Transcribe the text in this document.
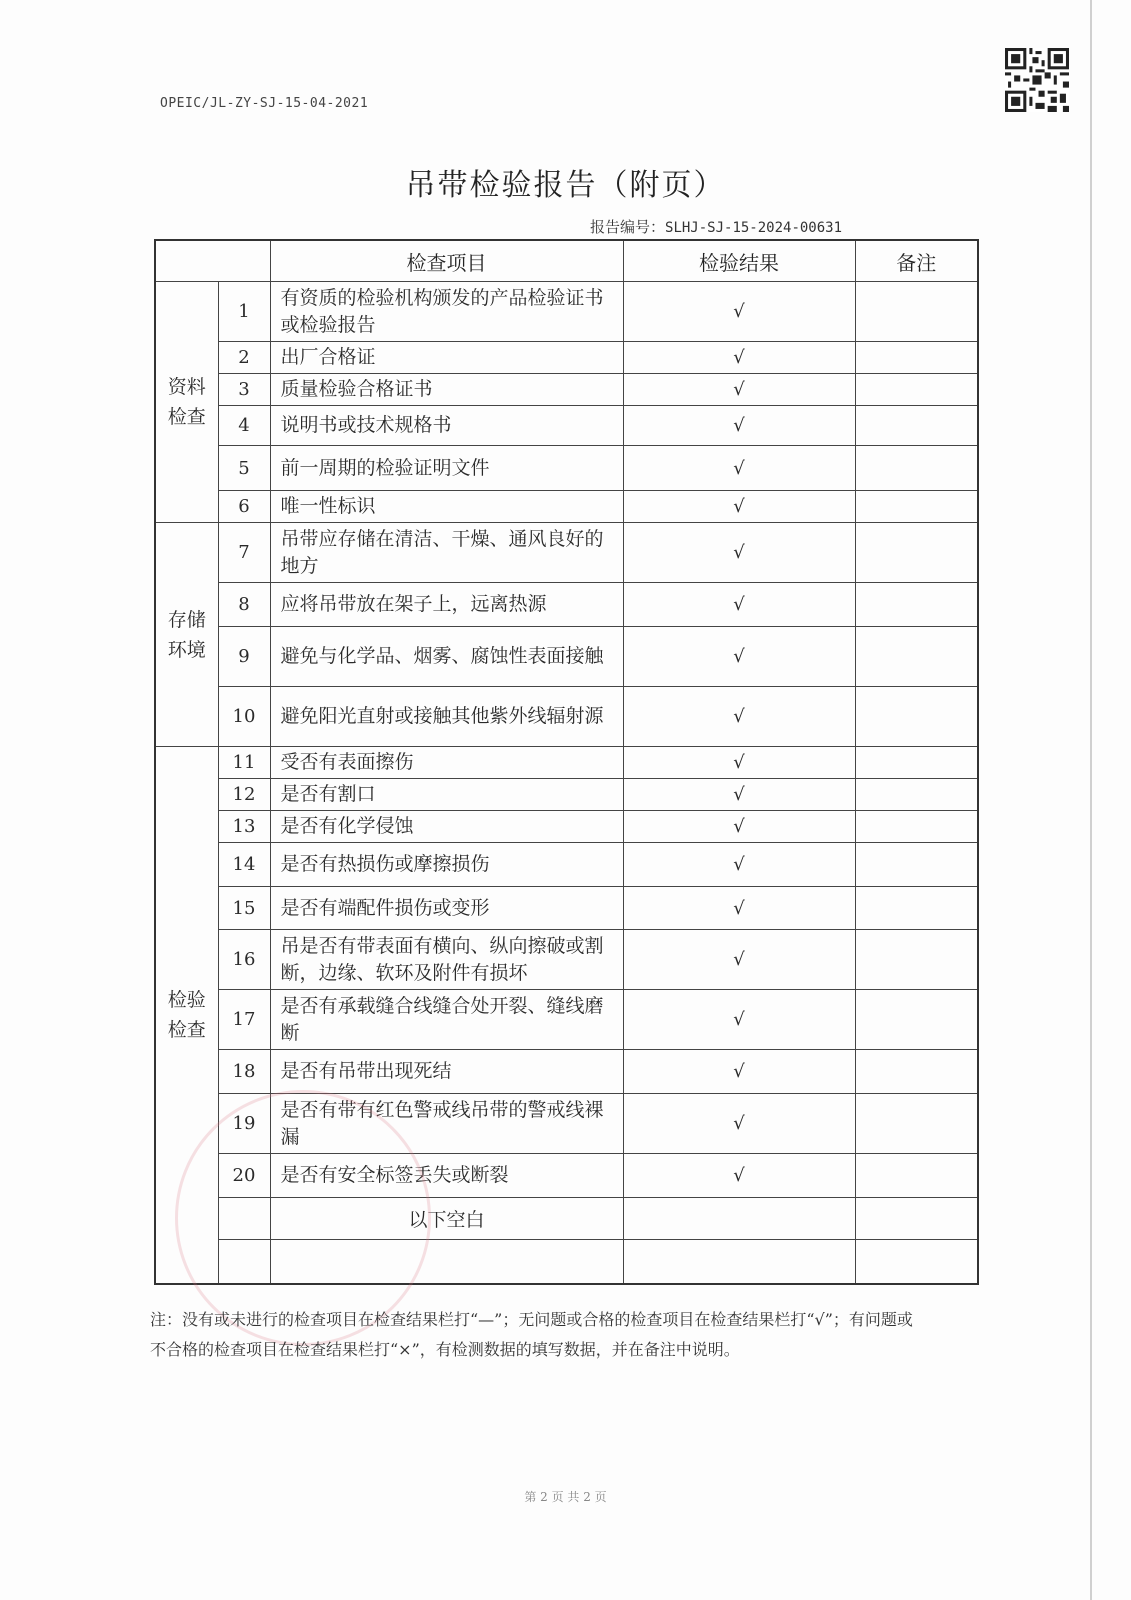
OPEIC/JL-ZY-SJ-15-04-2021
吊带检验报告（附页）
报告编号：SLHJ-SJ-15-2024-00631
		检查项目	检验结果	备注
资料检查	1	有资质的检验机构颁发的产品检验证书或检验报告	√	
	2	出厂合格证	√	
	3	质量检验合格证书	√	
	4	说明书或技术规格书	√	
	5	前一周期的检验证明文件	√	
	6	唯一性标识	√	
存储环境	7	吊带应存储在清洁、干燥、通风良好的地方	√	
	8	应将吊带放在架子上，远离热源	√	
	9	避免与化学品、烟雾、腐蚀性表面接触	√	
	10	避免阳光直射或接触其他紫外线辐射源	√	
检验检查	11	受否有表面擦伤	√	
	12	是否有割口	√	
	13	是否有化学侵蚀	√	
	14	是否有热损伤或摩擦损伤	√	
	15	是否有端配件损伤或变形	√	
	16	吊是否有带表面有横向、纵向擦破或割断，边缘、软环及附件有损坏	√	
	17	是否有承载缝合线缝合处开裂、缝线磨断	√	
	18	是否有吊带出现死结	√	
	19	是否有带有红色警戒线吊带的警戒线裸漏	√	
	20	是否有安全标签丢失或断裂	√	
		以下空白		

注：没有或未进行的检查项目在检查结果栏打“—”；无问题或合格的检查项目在检查结果栏打“√”；有问题或不合格的检查项目在检查结果栏打“×”，有检测数据的填写数据，并在备注中说明。
第 2 页 共 2 页
